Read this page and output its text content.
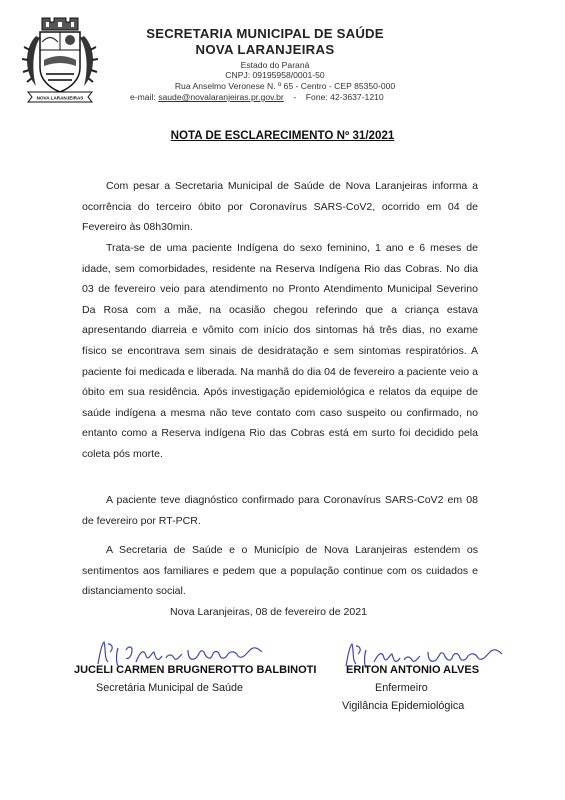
NOVA LARANJEIRAS
SECRETARIA MUNICIPAL DE SAÚDE
NOVA LARANJEIRAS
Estado do Paraná
CNPJ: 09195958/0001-50
Rua Anselmo Veronese N. º 65 - Centro - CEP 85350-000
e-mail: saude@novalaranjeiras.pr.gov.br - Fone: 42-3637-1210
NOTA DE ESCLARECIMENTO Nº 31/2021

Com pesar a Secretaria Municipal de Saúde de Nova Laranjeiras informa a ocorrência do terceiro óbito por Coronavírus SARS-CoV2, ocorrido em 04 de Fevereiro às 08h30min.

Trata-se de uma paciente Indígena do sexo feminino, 1 ano e 6 meses de idade, sem comorbidades, residente na Reserva Indígena Rio das Cobras. No dia 03 de fevereiro veio para atendimento no Pronto Atendimento Municipal Severino Da Rosa com a mãe, na ocasião chegou referindo que a criança estava apresentando diarreia e vômito com início dos sintomas há três dias, no exame físico se encontrava sem sinais de desidratação e sem sintomas respiratórios. A paciente foi medicada e liberada. Na manhã do dia 04 de fevereiro a paciente veio a óbito em sua residência. Após investigação epidemiológica e relatos da equipe de saúde indígena a mesma não teve contato com caso suspeito ou confirmado, no entanto como a Reserva indígena Rio das Cobras está em surto foi decidido pela coleta pós morte.

A paciente teve diagnóstico confirmado para Coronavírus SARS-CoV2 em 08 de fevereiro por RT-PCR.

A Secretaria de Saúde e o Município de Nova Laranjeiras estendem os sentimentos aos familiares e pedem que a população continue com os cuidados e distanciamento social.

Nova Laranjeiras, 08 de fevereiro de 2021
JUCELI CARMEN BRUGNEROTTO BALBINOTI
Secretária Municipal de Saúde
ERITON ANTONIO ALVES
Enfermeiro
Vigilância Epidemiológica
